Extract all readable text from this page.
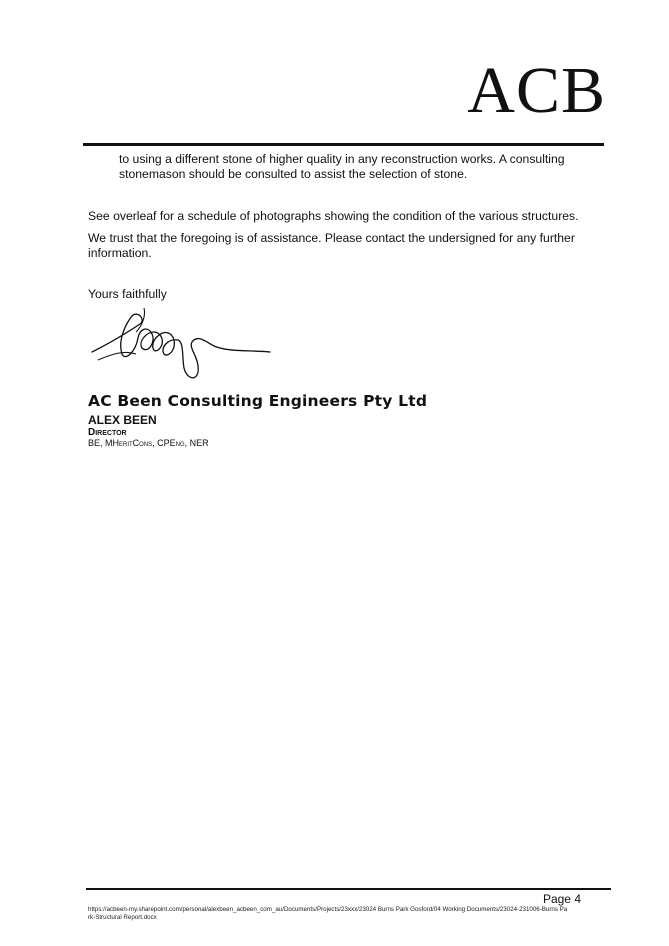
ACB

to using a different stone of higher quality in any reconstruction works. A consulting stonemason should be consulted to assist the selection of stone.

See overleaf for a schedule of photographs showing the condition of the various structures.

We trust that the foregoing is of assistance. Please contact the undersigned for any further information.

Yours faithfully

AC Been Consulting Engineers Pty Ltd
ALEX BEEN
Director
BE, MHeritCons, CPEng, NER
Page 4
https://acbeen-my.sharepoint.com/personal/alexbeen_acbeen_com_au/Documents/Projects/23xxx/23024 Burns Park Gosford/04 Working Documents/23024-231006-Burns Park-Structural Report.docx
